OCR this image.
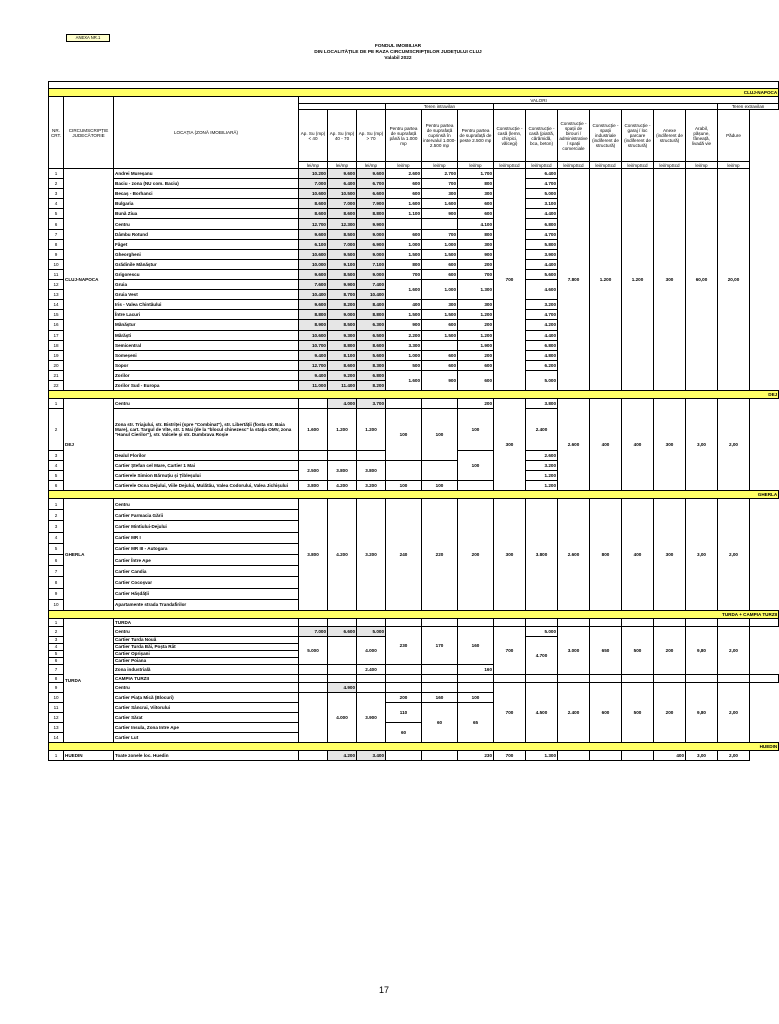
ANEXA NR.1
FONDUL IMOBILIAR
DIN LOCALITĂȚILE DE PE RAZA CIRCUMSCRIPȚIILOR JUDEȚULUI CLUJ
Valabil 2022

CLUJ-NAPOCA																	
NR. CRT.	CIRCUMSCRIPȚIE JUDECĂTORIE	LOCAȚIA (ZONĂ IMOBILIARĂ)	VALORI														
						Teren intravilan										Teren extravilan	
			Ap. Su (mp) < 40	Ap. Su (mp) 40 - 70	Ap. Su (mp) > 70	Pentru partea de suprafață până la 1.000 mp	Pentru partea de suprafață cuprinsă în intervalul 1.000-2.500 mp	Pentru partea de suprafață de peste 2.500 mp	Construcție - casă (lemn, chirpici, vălcegi)	Construcție - casă (piatră, cărămidă, bca, beton)	Construcție - spații de birouri / administrative / spații comerciale	Construcție - spații industriale (indiferent de structură)	Construcție - garaj / loc parcare (indiferent de structură)	Anexe (indiferent de structură)	Arabil, pășune, fâneață, livadă vie	Pădure	
			lei/mp	lei/mp	lei/mp	lei/mp	lei/mp	lei/mp	lei/mpScd	lei/mpScd	lei/mpScd	lei/mpScd	lei/mpScd	lei/mpScd	lei/mp	lei/mp	
1	CLUJ-NAPOCA	Andrei Mureșanu	10.200	9.600	9.600	2.600	2.700	1.700	700	6.400	7.800	1.200	1.200	300	60,00	20,00	
2		Baciu - zona (NU com. Baciu)	7.000	6.400	6.700	600	700	800		4.700							
3		Becaș - Borhanci	10.600	10.500	6.600	600	300	300		5.000							
4		Bulgaria	8.600	7.000	7.900	1.600	1.600	600		3.100							
5		Bună Ziua	8.600	8.600	8.800	1.100	900	600		4.400							
6		Centru	12.700	12.300	9.900			4.100		6.800							
7		Dâmbu Rotund	9.600	8.500	9.000	600	700	800		4.700							
8		Făget	6.100	7.000	6.900	1.000	1.000	300		5.800							
9		Gheorgheni	10.600	9.500	9.000	1.500	1.500	900		3.900							
10		Grădinile Mănăștur	10.000	9.100	7.100	800	600	200		4.400							
11		Grigorescu	9.600	8.500	9.000	700	600	700		5.600							
12		Gruia	7.600	9.900	7.400	1.600	1.000	1.300		4.600							
13		Gruia Vest	10.400	8.700	10.400												
14		Iris - Valea Chintăului	9.600	8.200	8.400	400	300	300		3.200							
15		Între Lacuri	8.800	9.000	8.800	1.500	1.500	1.200		4.700							
16		Mănăștur	8.900	8.500	6.300	900	600	200		4.200							
17		Mărăști	10.600	9.300	6.500	2.200	1.500	1.200		4.400							
18		Semicentral	10.700	8.800	8.600	3.300		1.900		6.800							
19		Someșeni	9.400	8.100	5.600	1.000	600	200		4.800							
20		Sopor	12.700	8.600	8.300	500	600	600		6.200							
21		Zorilor	9.400	9.200	6.800	1.600	900	600		5.000							
22		Zorilor Sud - Europa	11.000	11.400	8.200												
DEJ																	
1	DEJ	Centru		4.000	3.700			200	300	3.800	2.600	400	400	300	3,00	2,00	
2		Zona str. Triajului, str. Bistriței (spre "Combinat"), str. Libertății (fosta str. Baia Mare), cart. Targul de Vite, str. 1 Mai (de la "blocul chinezesc" la stația OMV, zona "Hanul Cierilor"), str. Valcele și str. Dumbrava Roșie	1.600	1.200	1.200	100	100	100		2.400							
3		Dealul Florilor						100		2.600							
4		Cartier Ștefan cel Mare, Cartier 1 Mai	2.500	3.800	3.800					3.200							
5		Cartierele Simion Bărnuțiu și Țibleșului								1.200							
6		Cartierele Ocna Dejului, Viile Dejului, Mulătău, Valea Codorului, Valea Jichișului	3.800	4.200	3.200	100	100			1.200							
GHERLA																	
1	GHERLA	Centru	3.800	4.200	3.200	240	220	200	300	3.800	2.600	800	400	300	3,00	2,00	
2		Cartier Farmacia Gării															
3		Cartier Mintiului-Dejului															
4		Cartier MR I															
5		Cartier MR III - Autogara															
6		Cartier Între Ape															
7		Cartier Candia															
8		Cartier Cocoșvar															
9		Cartier Hășdății															
10		Apartamente strada Trandafirilor															
TURDA + CAMPIA TURZII																	
1	TURDA	TURDA															
2		Centru	7.000	6.600	5.000	230	170	160	700	5.000	3.000	650	500	200	9,80	2,00	
3		Cartier Turda Nouă	5.000		4.000					4.700							
4		Cartier Turda Băi, Poșta Rât															
5		Cartier Oprișani															
6		Cartier Poiana															
7		Zona industrială			2.400			160									
8		CAMPIA TURZII															
9		Centru		4.900					700	4.500	2.400	600	500	200	9,80	2,00	
10		Cartier Piața Mică (Blocuri)		4.000	3.900	200	160	100									
11		Cartier Sâncrai, Viitorului				110	60	65									
12		Cartier Sărat															
13		Cartier Insula, Zona Intre Ape				60											
14		Cartier Lut															
HUEDIN																	
1	HUEDIN	Toate zonele loc. Huedin		4.200	3.400			230	700	1.300				400	3,00	2,00	
17
